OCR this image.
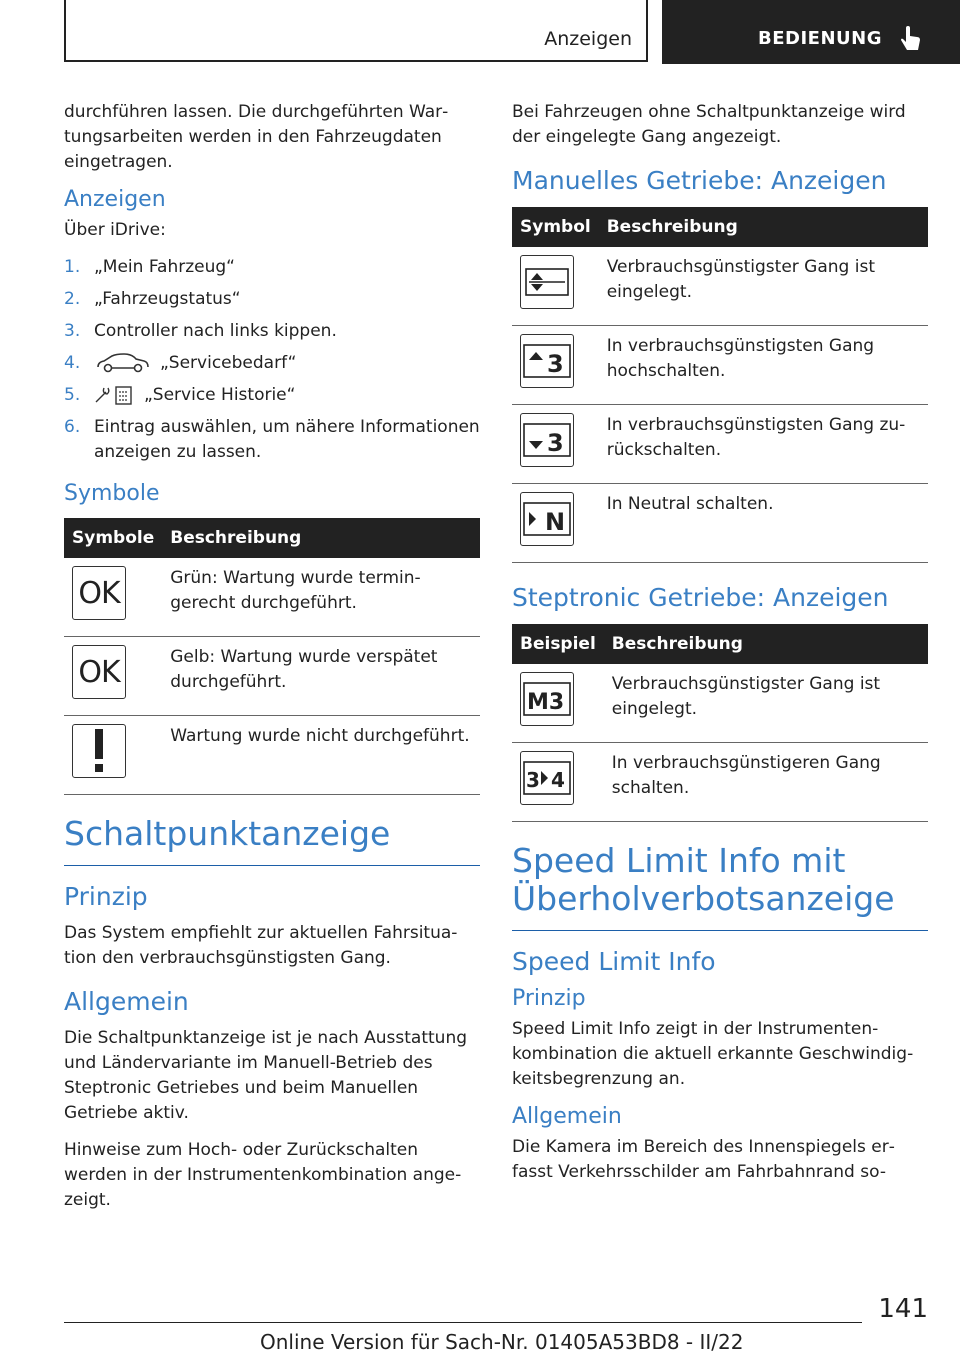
Anzeigen	BEDIENUNG

durchführen lassen. Die durchgeführten Wartungsarbeiten werden in den Fahrzeugdaten eingetragen.

Anzeigen

Über iDrive:

1. „Mein Fahrzeug“
2. „Fahrzeugstatus“
3. Controller nach links kippen.
4.	„Servicebedarf“
5.	„Service Historie“
6. Eintrag auswählen, um nähere Informationen anzeigen zu lassen.
Symbole
Symbole	Beschreibung

OK	Grün: Wartung wurde termingerecht durchgeführt.

OK	Gelb: Wartung wurde verspätet durchgeführt.

	Wartung wurde nicht durchgeführt.
Schaltpunktanzeige
Prinzip

Das System empfiehlt zur aktuellen Fahrsituation den verbrauchsgünstigsten Gang.

Allgemein

Die Schaltpunktanzeige ist je nach Ausstattung und Ländervariante im Manuell-Betrieb des Steptronic Getriebes und beim Manuellen Getriebe aktiv.

Hinweise zum Hoch- oder Zurückschalten werden in der Instrumentenkombination angezeigt.

Bei Fahrzeugen ohne Schaltpunktanzeige wird der eingelegte Gang angezeigt.

Manuelles Getriebe: Anzeigen
Symbol	Beschreibung

	Verbrauchsgünstigster Gang ist eingelegt.

3	In verbrauchsgünstigsten Gang hochschalten.

3	In verbrauchsgünstigsten Gang zurückschalten.

N	In Neutral schalten.
Steptronic Getriebe: Anzeigen
Beispiel	Beschreibung

M3	Verbrauchsgünstigster Gang ist eingelegt.

3 4	In verbrauchsgünstigeren Gang schalten.
Speed Limit Info mit Überholverbotsanzeige
Speed Limit Info
Prinzip

Speed Limit Info zeigt in der Instrumentenkombination die aktuell erkannte Geschwindigkeitsbegrenzung an.

Allgemein

Die Kamera im Bereich des Innenspiegels erfasst Verkehrsschilder am Fahrbahnrand so-

141
Online Version für Sach-Nr. 01405A53BD8 - II/22
